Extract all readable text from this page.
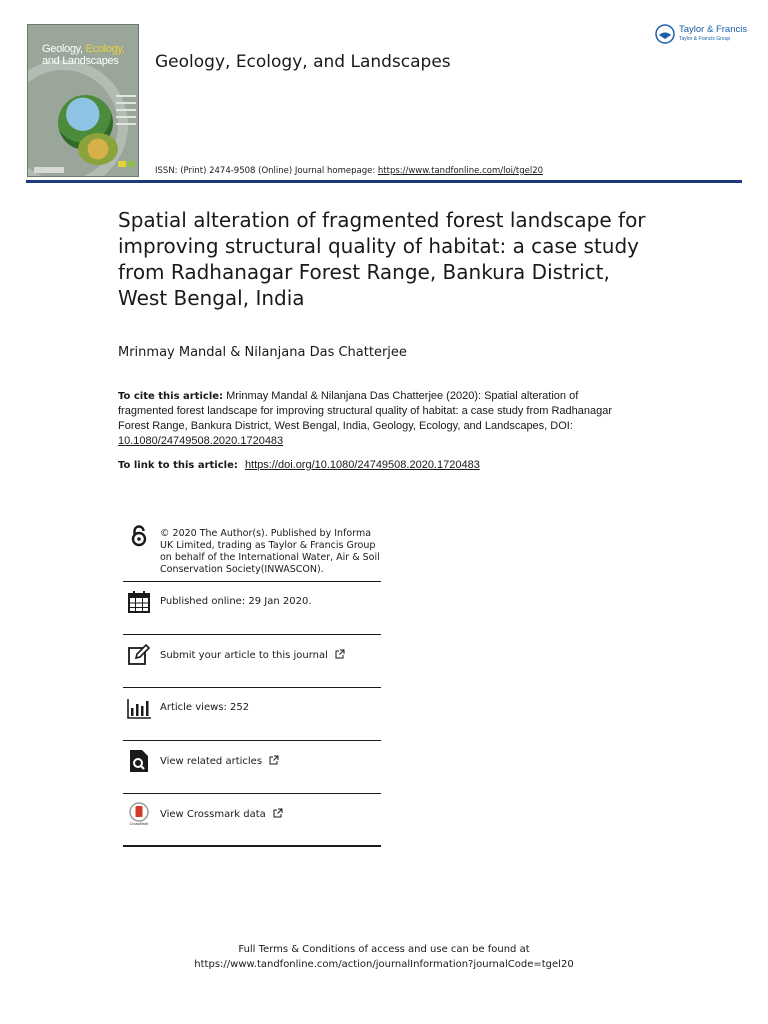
Geology, Ecology,
and Landscapes	Geology, Ecology, and Landscapes
Taylor & Francis
Taylor & Francis Group
ISSN: (Print) 2474-9508 (Online) Journal homepage: https://www.tandfonline.com/loi/tgel20
Spatial alteration of fragmented forest landscape for improving structural quality of habitat: a case study from Radhanagar Forest Range, Bankura District, West Bengal, India
Mrinmay Mandal & Nilanjana Das Chatterjee
To cite this article: Mrinmay Mandal & Nilanjana Das Chatterjee (2020): Spatial alteration of fragmented forest landscape for improving structural quality of habitat: a case study from Radhanagar Forest Range, Bankura District, West Bengal, India, Geology, Ecology, and Landscapes, DOI: 10.1080/24749508.2020.1720483
To link to this article: https://doi.org/10.1080/24749508.2020.1720483
© 2020 The Author(s). Published by Informa UK Limited, trading as Taylor & Francis Group on behalf of the International Water, Air & Soil Conservation Society(INWASCON).
Published online: 29 Jan 2020.
Submit your article to this journal
Article views: 252
View related articles
CrossMark
View Crossmark data
Full Terms & Conditions of access and use can be found at
https://www.tandfonline.com/action/journalInformation?journalCode=tgel20
